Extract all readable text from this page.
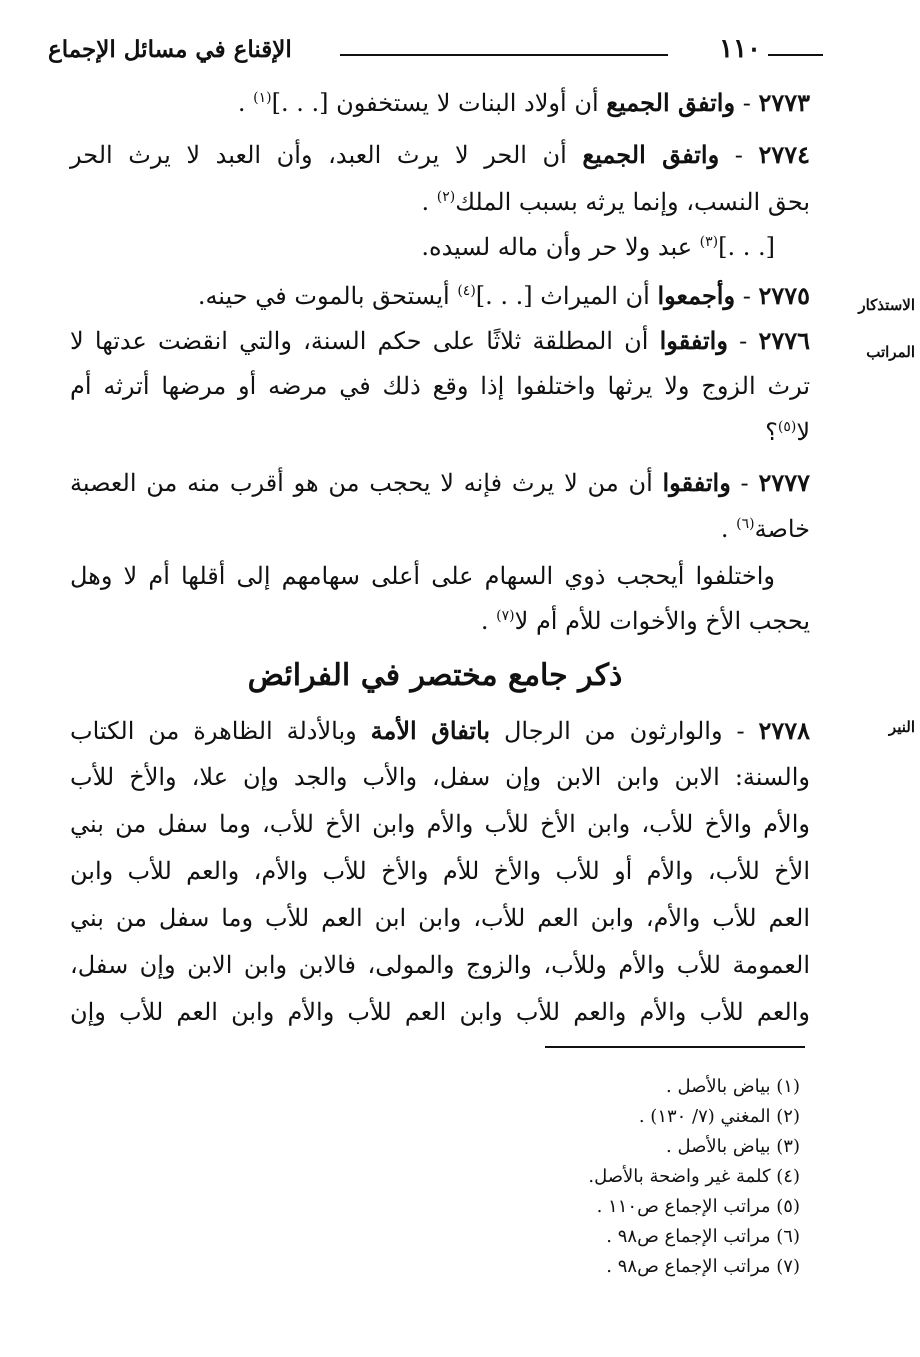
١١٠
الإقناع في مسائل الإجماع
الاستذكار
المراتب
النير
٢٧٧٣ - واتفق الجميع أن أولاد البنات لا يستخفون [. . .]$^{(١)}$ .
٢٧٧٤ - واتفق الجميع أن الحر لا يرث العبد، وأن العبد لا يرث الحر
بحق النسب، وإنما يرثه بسبب الملك$^{(٢)}$ .
[. . .]$^{(٣)}$ عبد ولا حر وأن ماله لسيده.
٢٧٧٥ - وأجمعوا أن الميراث [. . .]$^{(٤)}$ أيستحق بالموت في حينه.
٢٧٧٦ - واتفقوا أن المطلقة ثلاثًا على حكم السنة، والتي انقضت عدتها لا
ترث الزوج ولا يرثها واختلفوا إذا وقع ذلك في مرضه أو مرضها أترثه أم
لا$^{(٥)}$؟
٢٧٧٧ - واتفقوا أن من لا يرث فإنه لا يحجب من هو أقرب منه من العصبة
خاصة$^{(٦)}$ .
واختلفوا أيحجب ذوي السهام على أعلى سهامهم إلى أقلها أم لا وهل
يحجب الأخ والأخوات للأم أم لا$^{(٧)}$ .
ذكر جامع مختصر في الفرائض
٢٧٧٨ - والوارثون من الرجال باتفاق الأمة وبالأدلة الظاهرة من الكتاب
والسنة: الابن وابن الابن وإن سفل، والأب والجد وإن علا، والأخ للأب
والأم والأخ للأب، وابن الأخ للأب والأم وابن الأخ للأب، وما سفل من بني
الأخ للأب، والأم أو للأب والأخ للأم والأخ للأب والأم، والعم للأب وابن
العم للأب والأم، وابن العم للأب، وابن ابن العم للأب وما سفل من بني
العمومة للأب والأم وللأب، والزوج والمولى، فالابن وابن الابن وإن سفل،
والعم للأب والأم والعم للأب وابن العم للأب والأم وابن العم للأب وإن
(١) بياض بالأصل .
(٢) المغني (٧/ ١٣٠) .
(٣) بياض بالأصل .
(٤) كلمة غير واضحة بالأصل.
(٥) مراتب الإجماع ص١١٠ .
(٦) مراتب الإجماع ص٩٨ .
(٧) مراتب الإجماع ص٩٨ .
